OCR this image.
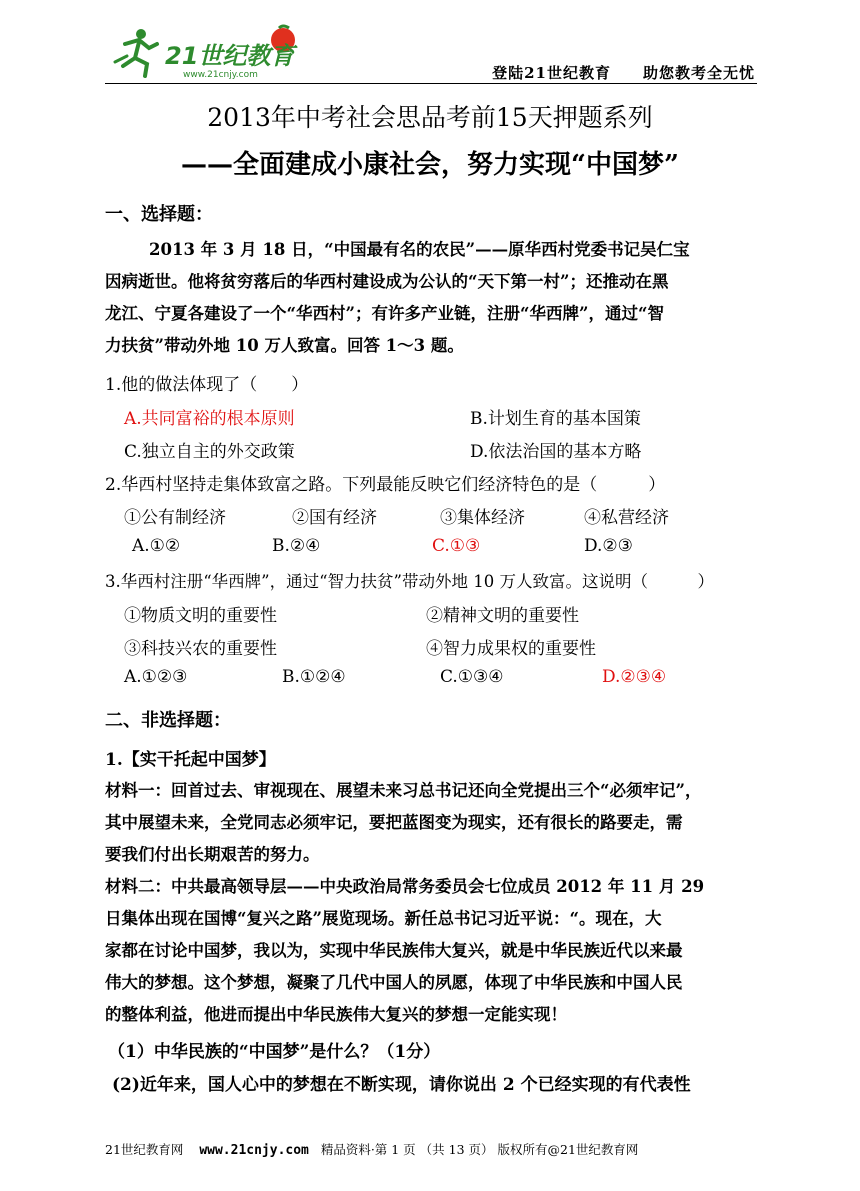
21世纪教育
www.21cnjy.com	登陆21世纪教育 助您教考全无忧
2013年中考社会思品考前15天押题系列
——全面建成小康社会，努力实现“中国梦”
一、选择题：
2013 年 3 月 18 日，“中国最有名的农民”——原华西村党委书记吴仁宝
因病逝世。他将贫穷落后的华西村建设成为公认的“天下第一村”；还推动在黑
龙江、宁夏各建设了一个“华西村”；有许多产业链，注册“华西牌”，通过“智
力扶贫”带动外地 10 万人致富。回答 1～3 题。
1.他的做法体现了（　　）
A.共同富裕的根本原则	B.计划生育的基本国策
C.独立自主的外交政策	D.依法治国的基本方略
2.华西村坚持走集体致富之路。下列最能反映它们经济特色的是（　　　）
①公有制经济	②国有经济	③集体经济	④私营经济
A.①②	B.②④	C.①③	D.②③
3.华西村注册“华西牌”，通过“智力扶贫”带动外地 10 万人致富。这说明（　　　）
①物质文明的重要性	②精神文明的重要性
③科技兴农的重要性	④智力成果权的重要性
A.①②③	B.①②④	C.①③④	D.②③④
二、非选择题：
1.【实干托起中国梦】
材料一：回首过去、审视现在、展望未来习总书记还向全党提出三个“必须牢记”，
其中展望未来，全党同志必须牢记，要把蓝图变为现实，还有很长的路要走，需
要我们付出长期艰苦的努力。
材料二：中共最高领导层——中央政治局常务委员会七位成员 2012 年 11 月 29
日集体出现在国博“复兴之路”展览现场。新任总书记习近平说：“。现在，大
家都在讨论中国梦，我以为，实现中华民族伟大复兴，就是中华民族近代以来最
伟大的梦想。这个梦想，凝聚了几代中国人的夙愿，体现了中华民族和中国人民
的整体利益，他进而提出中华民族伟大复兴的梦想一定能实现！
（1）中华民族的“中国梦”是什么？（1分）
(2)近年来，国人心中的梦想在不断实现，请你说出 2 个已经实现的有代表性
21世纪教育网 www.21cnjy.com 精品资料·第 1 页 （共 13 页） 版权所有@21世纪教育网
